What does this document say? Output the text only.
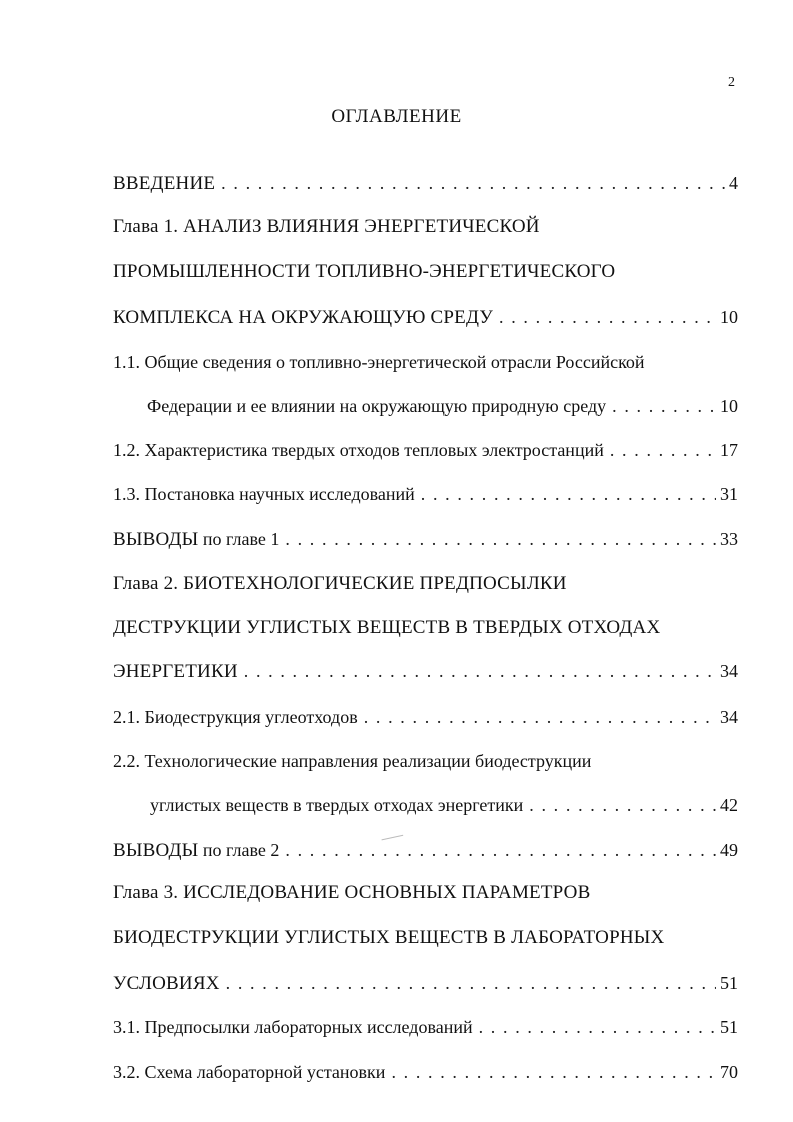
2
ОГЛАВЛЕНИЕ
ВВЕДЕНИЕ . . .	4
Глава 1. АНАЛИЗ ВЛИЯНИЯ ЭНЕРГЕТИЧЕСКОЙ
ПРОМЫШЛЕННОСТИ ТОПЛИВНО-ЭНЕРГЕТИЧЕСКОГО
КОМПЛЕКСА НА ОКРУЖАЮЩУЮ СРЕДУ . . .	10
1.1. Общие сведения о топливно-энергетической отрасли Российской
Федерации и ее влиянии на окружающую природную среду . . .	10
1.2. Характеристика твердых отходов тепловых электростанций . . .	17
1.3. Постановка научных исследований . . .	31
ВЫВОДЫ по главе 1 . . .	33
Глава 2. БИОТЕХНОЛОГИЧЕСКИЕ ПРЕДПОСЫЛКИ
ДЕСТРУКЦИИ УГЛИСТЫХ ВЕЩЕСТВ В ТВЕРДЫХ ОТХОДАХ
ЭНЕРГЕТИКИ . . .	34
2.1. Биодеструкция углеотходов . . .	34
2.2. Технологические направления реализации биодеструкции
углистых веществ в твердых отходах энергетики . . .	42
ВЫВОДЫ по главе 2 . . .	49
Глава 3. ИССЛЕДОВАНИЕ ОСНОВНЫХ ПАРАМЕТРОВ
БИОДЕСТРУКЦИИ УГЛИСТЫХ ВЕЩЕСТВ В ЛАБОРАТОРНЫХ
УСЛОВИЯХ . . .	51
3.1. Предпосылки лабораторных исследований . . .	51
3.2. Схема лабораторной установки . . .	70
